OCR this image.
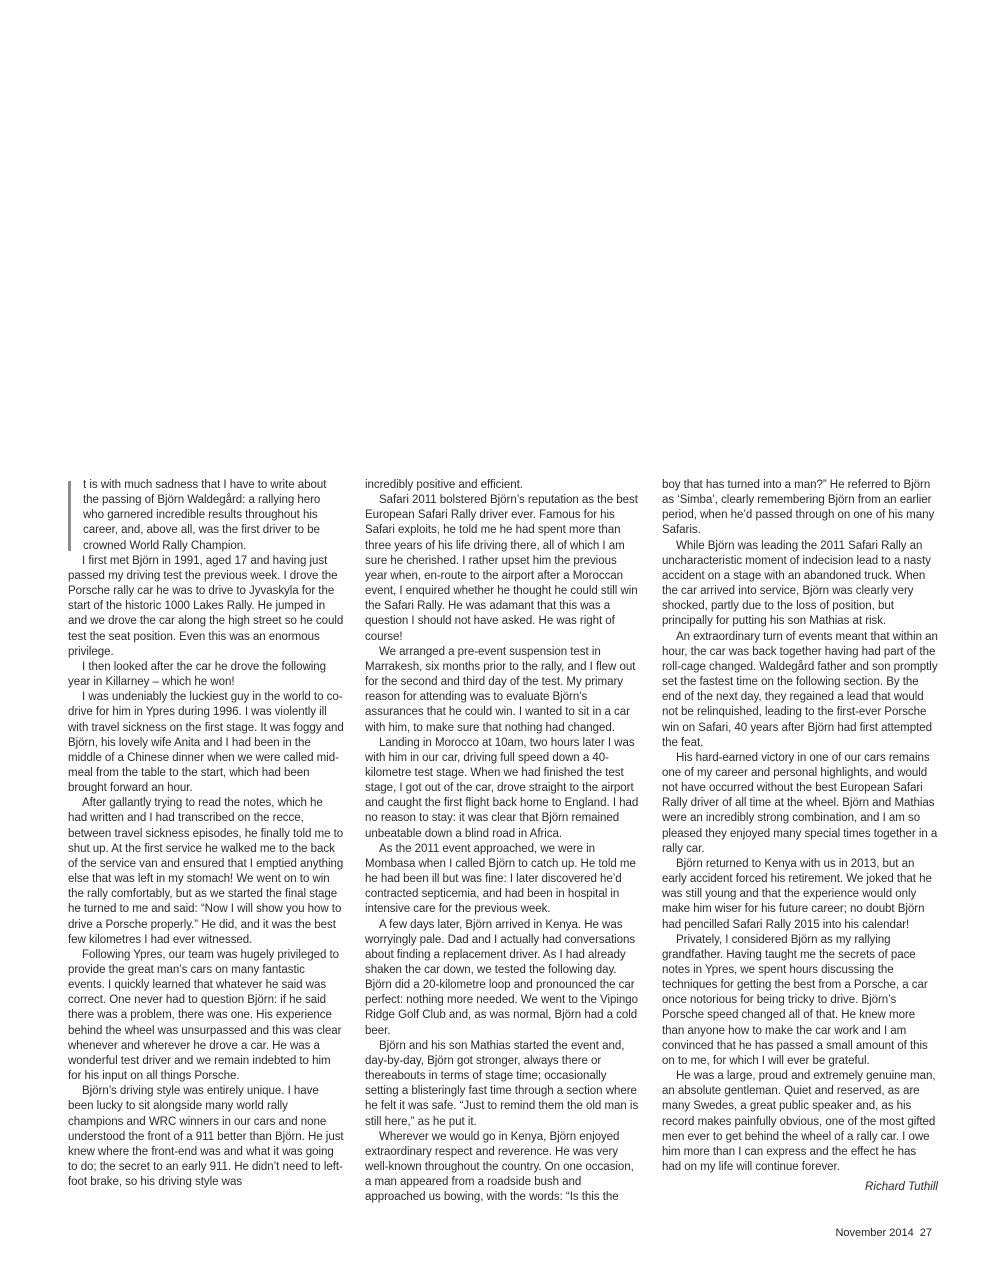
t is with much sadness that I have to write about the passing of Björn Waldegård: a rallying hero who garnered incredible results throughout his career, and, above all, was the first driver to be crowned World Rally Champion.

I first met Björn in 1991, aged 17 and having just passed my driving test the previous week. I drove the Porsche rally car he was to drive to Jyvaskyla for the start of the historic 1000 Lakes Rally. He jumped in and we drove the car along the high street so he could test the seat position. Even this was an enormous privilege.

I then looked after the car he drove the following year in Killarney – which he won!

I was undeniably the luckiest guy in the world to co-drive for him in Ypres during 1996. I was violently ill with travel sickness on the first stage. It was foggy and Björn, his lovely wife Anita and I had been in the middle of a Chinese dinner when we were called mid-meal from the table to the start, which had been brought forward an hour.

After gallantly trying to read the notes, which he had written and I had transcribed on the recce, between travel sickness episodes, he finally told me to shut up. At the first service he walked me to the back of the service van and ensured that I emptied anything else that was left in my stomach! We went on to win the rally comfortably, but as we started the final stage he turned to me and said: “Now I will show you how to drive a Porsche properly.” He did, and it was the best few kilometres I had ever witnessed.

Following Ypres, our team was hugely privileged to provide the great man’s cars on many fantastic events. I quickly learned that whatever he said was correct. One never had to question Björn: if he said there was a problem, there was one. His experience behind the wheel was unsurpassed and this was clear whenever and wherever he drove a car. He was a wonderful test driver and we remain indebted to him for his input on all things Porsche.

Björn’s driving style was entirely unique. I have been lucky to sit alongside many world rally champions and WRC winners in our cars and none understood the front of a 911 better than Björn. He just knew where the front-end was and what it was going to do; the secret to an early 911. He didn’t need to left-foot brake, so his driving style was

incredibly positive and efficient.

Safari 2011 bolstered Björn’s reputation as the best European Safari Rally driver ever. Famous for his Safari exploits, he told me he had spent more than three years of his life driving there, all of which I am sure he cherished. I rather upset him the previous year when, en-route to the airport after a Moroccan event, I enquired whether he thought he could still win the Safari Rally. He was adamant that this was a question I should not have asked. He was right of course!

We arranged a pre-event suspension test in Marrakesh, six months prior to the rally, and I flew out for the second and third day of the test. My primary reason for attending was to evaluate Björn’s assurances that he could win. I wanted to sit in a car with him, to make sure that nothing had changed.

Landing in Morocco at 10am, two hours later I was with him in our car, driving full speed down a 40-kilometre test stage. When we had finished the test stage, I got out of the car, drove straight to the airport and caught the first flight back home to England. I had no reason to stay: it was clear that Björn remained unbeatable down a blind road in Africa.

As the 2011 event approached, we were in Mombasa when I called Björn to catch up. He told me he had been ill but was fine: I later discovered he’d contracted septicemia, and had been in hospital in intensive care for the previous week.

A few days later, Björn arrived in Kenya. He was worryingly pale. Dad and I actually had conversations about finding a replacement driver. As I had already shaken the car down, we tested the following day. Björn did a 20-kilometre loop and pronounced the car perfect: nothing more needed. We went to the Vipingo Ridge Golf Club and, as was normal, Björn had a cold beer.

Björn and his son Mathias started the event and, day-by-day, Björn got stronger, always there or thereabouts in terms of stage time; occasionally setting a blisteringly fast time through a section where he felt it was safe. “Just to remind them the old man is still here,” as he put it.

Wherever we would go in Kenya, Björn enjoyed extraordinary respect and reverence. He was very well-known throughout the country. On one occasion, a man appeared from a roadside bush and approached us bowing, with the words: “Is this the

boy that has turned into a man?” He referred to Björn as ‘Simba’, clearly remembering Björn from an earlier period, when he’d passed through on one of his many Safaris.

While Björn was leading the 2011 Safari Rally an uncharacteristic moment of indecision lead to a nasty accident on a stage with an abandoned truck. When the car arrived into service, Björn was clearly very shocked, partly due to the loss of position, but principally for putting his son Mathias at risk.

An extraordinary turn of events meant that within an hour, the car was back together having had part of the roll-cage changed. Waldegård father and son promptly set the fastest time on the following section. By the end of the next day, they regained a lead that would not be relinquished, leading to the first-ever Porsche win on Safari, 40 years after Björn had first attempted the feat.

His hard-earned victory in one of our cars remains one of my career and personal highlights, and would not have occurred without the best European Safari Rally driver of all time at the wheel. Björn and Mathias were an incredibly strong combination, and I am so pleased they enjoyed many special times together in a rally car.

Björn returned to Kenya with us in 2013, but an early accident forced his retirement. We joked that he was still young and that the experience would only make him wiser for his future career; no doubt Björn had pencilled Safari Rally 2015 into his calendar!

Privately, I considered Björn as my rallying grandfather. Having taught me the secrets of pace notes in Ypres, we spent hours discussing the techniques for getting the best from a Porsche, a car once notorious for being tricky to drive. Björn’s Porsche speed changed all of that. He knew more than anyone how to make the car work and I am convinced that he has passed a small amount of this on to me, for which I will ever be grateful.

He was a large, proud and extremely genuine man, an absolute gentleman. Quiet and reserved, as are many Swedes, a great public speaker and, as his record makes painfully obvious, one of the most gifted men ever to get behind the wheel of a rally car. I owe him more than I can express and the effect he has had on my life will continue forever.

Richard Tuthill
November 2014 27
